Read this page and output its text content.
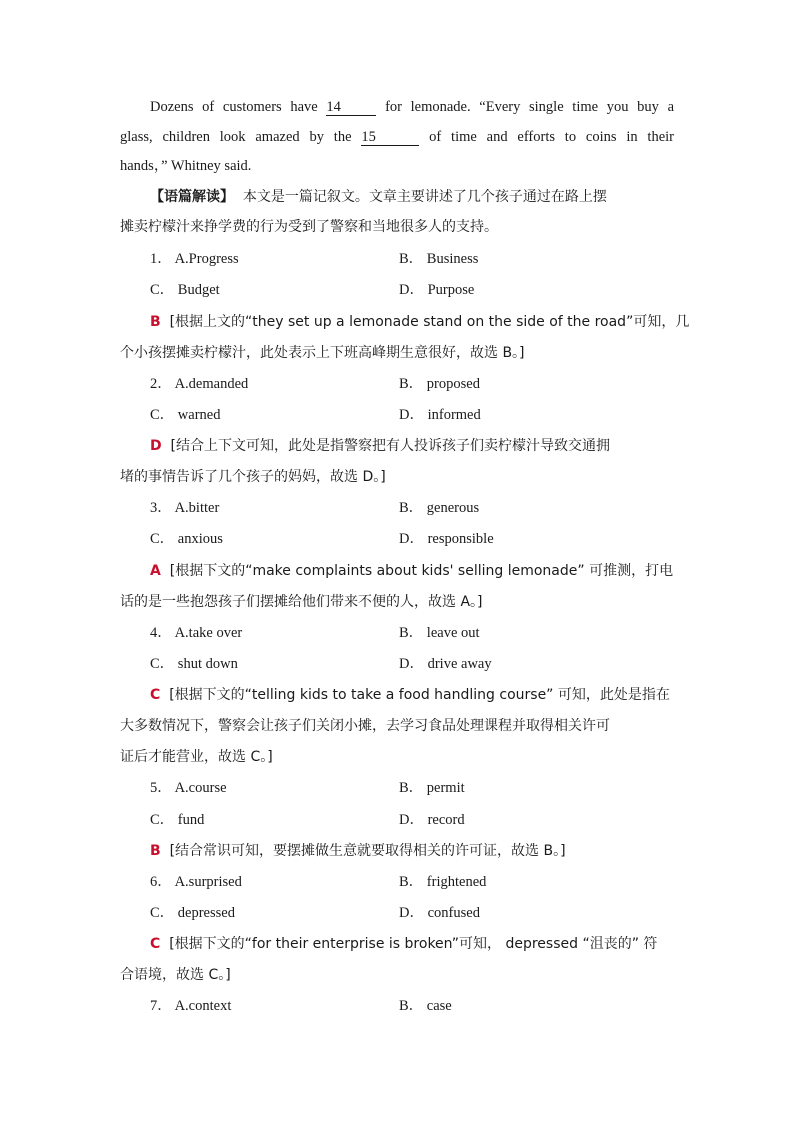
Dozens of customers have 14	for lemonade. “Every single time you buy a
glass, children look amazed by the 15	of time and efforts to coins in their
hands，” Whitney said.
【语篇解读】 本文是一篇记叙文。文章主要讲述了几个孩子通过在路上摆
摊卖柠檬汁来挣学费的行为受到了警察和当地很多人的支持。
1． A.Progress	B． Business
C． Budget	D． Purpose
B [根据上文的“they set up a lemonade stand on the side of the road”可知，几
个小孩摆摊卖柠檬汁，此处表示上下班高峰期生意很好，故选 B。]
2． A.demanded	B． proposed
C． warned	D． informed
D [结合上下文可知，此处是指警察把有人投诉孩子们卖柠檬汁导致交通拥
堵的事情告诉了几个孩子的妈妈，故选 D。]
3． A.bitter	B． generous
C． anxious	D． responsible
A [根据下文的“make complaints about kids' selling lemonade” 可推测，打电
话的是一些抱怨孩子们摆摊给他们带来不便的人，故选 A。]
4． A.take over	B． leave out
C． shut down	D． drive away
C [根据下文的“telling kids to take a food handling course” 可知，此处是指在
大多数情况下，警察会让孩子们关闭小摊，去学习食品处理课程并取得相关许可
证后才能营业，故选 C。]
5． A.course	B． permit
C． fund	D． record
B [结合常识可知，要摆摊做生意就要取得相关的许可证，故选 B。]
6． A.surprised	B． frightened
C． depressed	D． confused
C [根据下文的“for their enterprise is broken”可知， depressed “沮丧的” 符
合语境，故选 C。]
7． A.context	B． case
